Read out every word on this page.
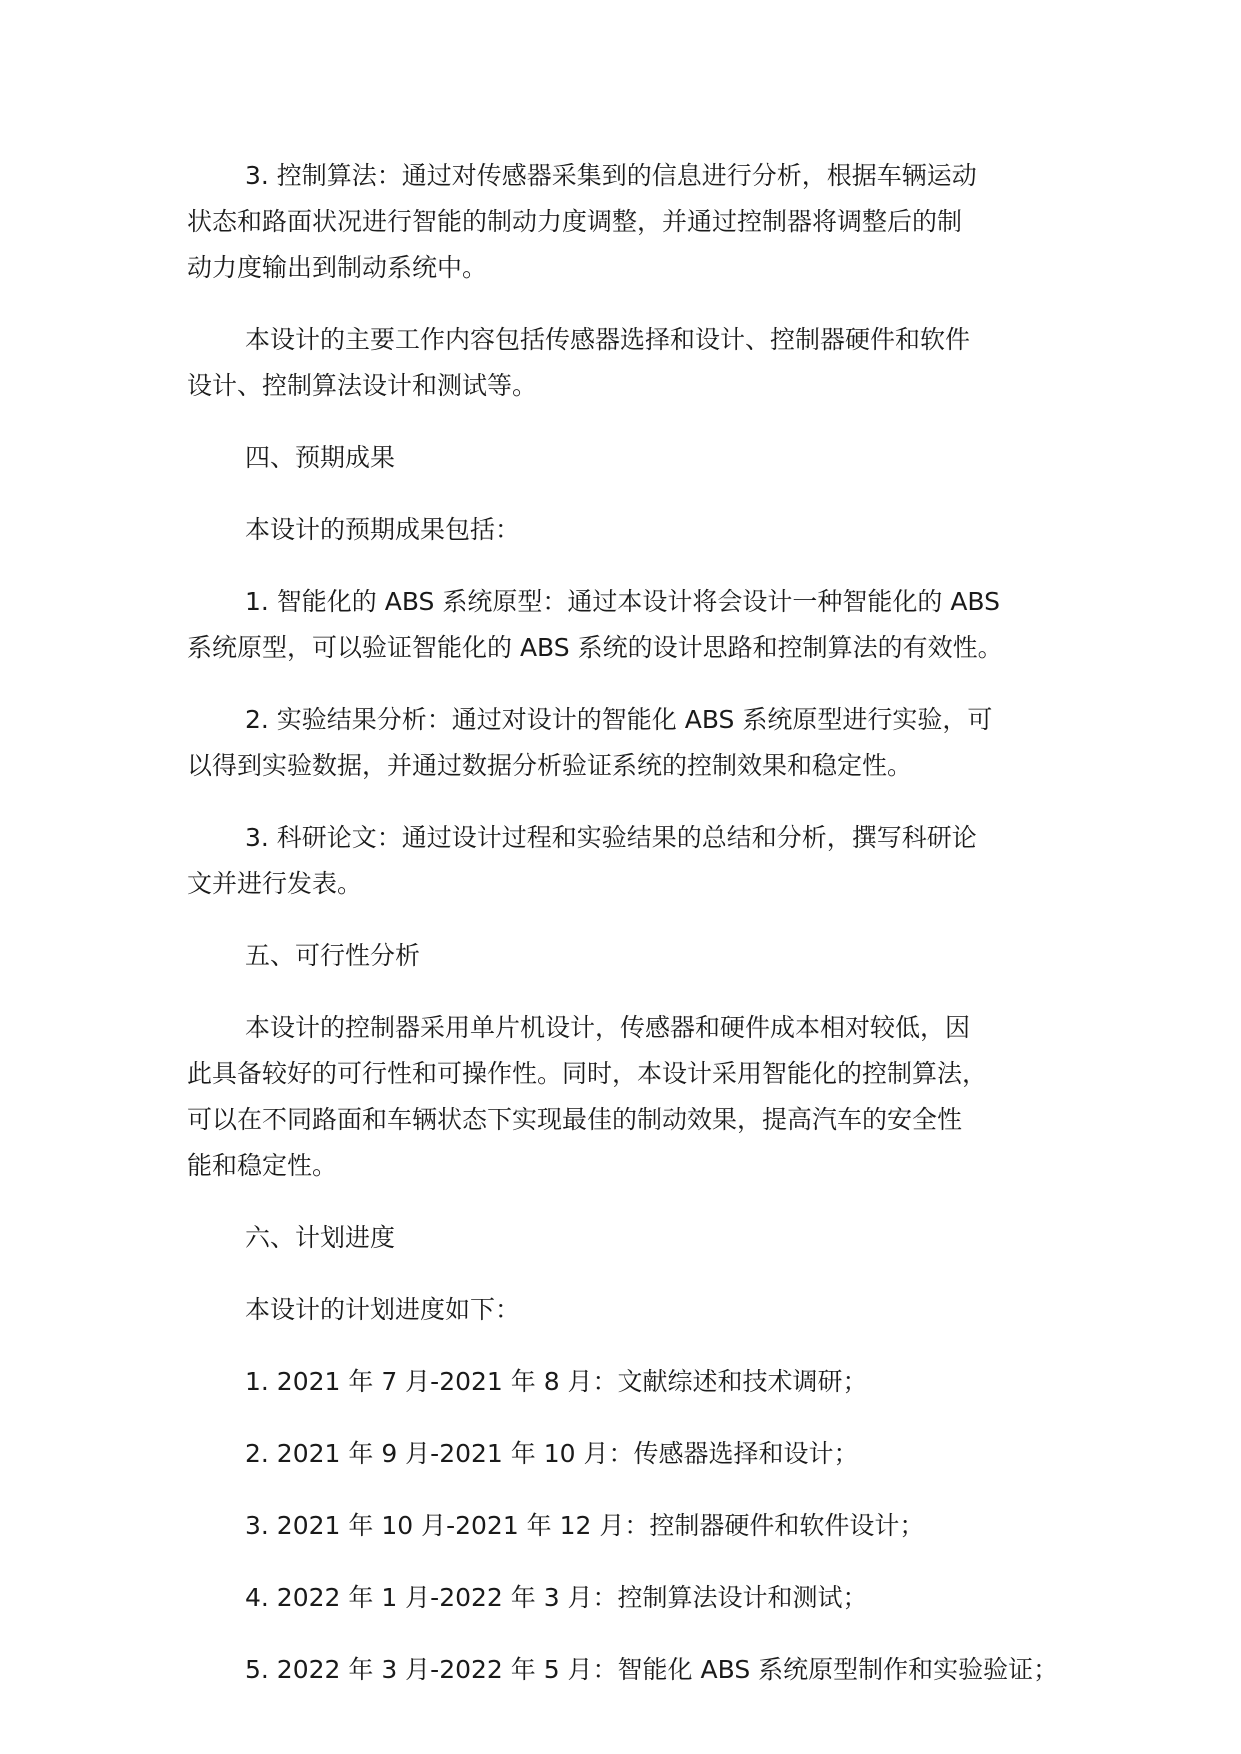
3. 控制算法：通过对传感器采集到的信息进行分析，根据车辆运动
状态和路面状况进行智能的制动力度调整，并通过控制器将调整后的制
动力度输出到制动系统中。

本设计的主要工作内容包括传感器选择和设计、控制器硬件和软件
设计、控制算法设计和测试等。

四、预期成果

本设计的预期成果包括：

1. 智能化的 ABS 系统原型：通过本设计将会设计一种智能化的 ABS
系统原型，可以验证智能化的 ABS 系统的设计思路和控制算法的有效性。

2. 实验结果分析：通过对设计的智能化 ABS 系统原型进行实验，可
以得到实验数据，并通过数据分析验证系统的控制效果和稳定性。

3. 科研论文：通过设计过程和实验结果的总结和分析，撰写科研论
文并进行发表。

五、可行性分析

本设计的控制器采用单片机设计，传感器和硬件成本相对较低，因
此具备较好的可行性和可操作性。同时，本设计采用智能化的控制算法，
可以在不同路面和车辆状态下实现最佳的制动效果，提高汽车的安全性
能和稳定性。

六、计划进度

本设计的计划进度如下：

1. 2021 年 7 月-2021 年 8 月：文献综述和技术调研；

2. 2021 年 9 月-2021 年 10 月：传感器选择和设计；

3. 2021 年 10 月-2021 年 12 月：控制器硬件和软件设计；

4. 2022 年 1 月-2022 年 3 月：控制算法设计和测试；

5. 2022 年 3 月-2022 年 5 月：智能化 ABS 系统原型制作和实验验证；
